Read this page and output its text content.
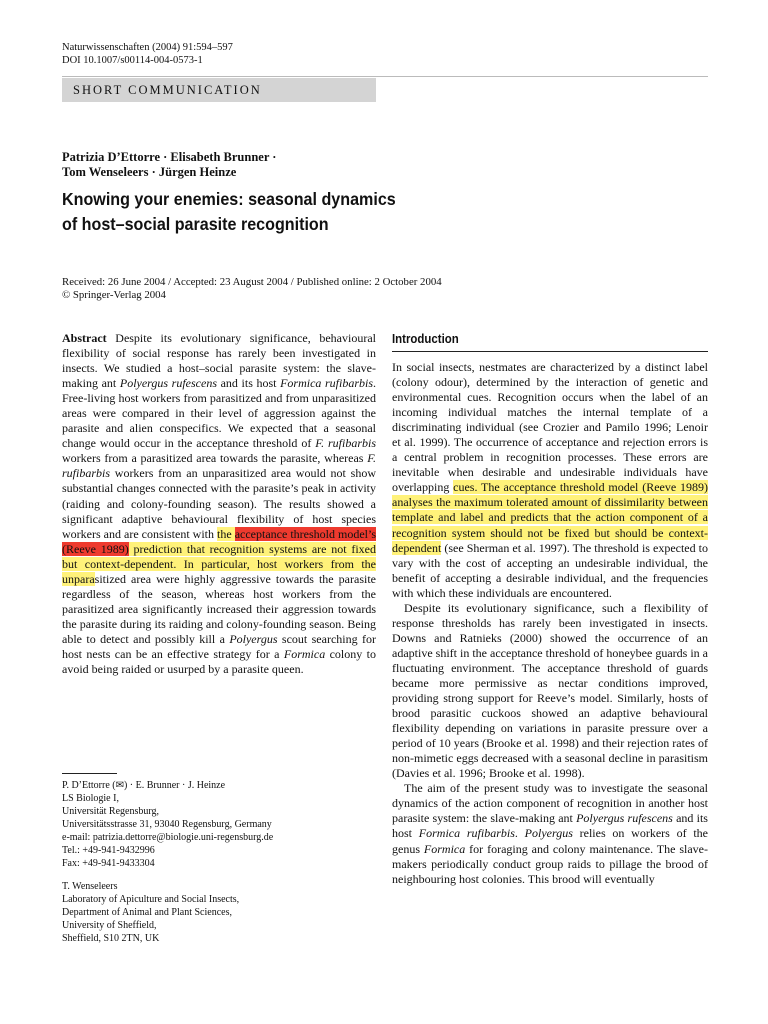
Naturwissenschaften (2004) 91:594–597
DOI 10.1007/s00114-004-0573-1
SHORT COMMUNICATION
Patrizia D’Ettorre · Elisabeth Brunner ·
Tom Wenseleers · Jürgen Heinze
Knowing your enemies: seasonal dynamics
of host–social parasite recognition
Received: 26 June 2004 / Accepted: 23 August 2004 / Published online: 2 October 2004
© Springer-Verlag 2004
Abstract Despite its evolutionary significance, behavioural flexibility of social response has rarely been investigated in insects. We studied a host–social parasite system: the slave-making ant Polyergus rufescens and its host Formica rufibarbis. Free-living host workers from parasitized and from unparasitized areas were compared in their level of aggression against the parasite and alien conspecifics. We expected that a seasonal change would occur in the acceptance threshold of F. rufibarbis workers from a parasitized area towards the parasite, whereas F. rufibarbis workers from an unparasitized area would not show substantial changes connected with the parasite’s peak in activity (raiding and colony-founding season). The results showed a significant adaptive behavioural flexibility of host species workers and are consistent with the acceptance threshold model’s (Reeve 1989) prediction that recognition systems are not fixed but context-dependent. In particular, host workers from the unparasitized area were highly aggressive towards the parasite regardless of the season, whereas host workers from the parasitized area significantly increased their aggression towards the parasite during its raiding and colony-founding season. Being able to detect and possibly kill a Polyergus scout searching for host nests can be an effective strategy for a Formica colony to avoid being raided or usurped by a parasite queen.
P. D’Ettorre (✉) · E. Brunner · J. Heinze
LS Biologie I,
Universität Regensburg,
Universitätsstrasse 31, 93040 Regensburg, Germany
e-mail: patrizia.dettorre@biologie.uni-regensburg.de
Tel.: +49-941-9432996
Fax: +49-941-9433304
T. Wenseleers
Laboratory of Apiculture and Social Insects,
Department of Animal and Plant Sciences,
University of Sheffield,
Sheffield, S10 2TN, UK
Introduction

In social insects, nestmates are characterized by a distinct label (colony odour), determined by the interaction of genetic and environmental cues. Recognition occurs when the label of an incoming individual matches the internal template of a discriminating individual (see Crozier and Pamilo 1996; Lenoir et al. 1999). The occurrence of acceptance and rejection errors is a central problem in recognition processes. These errors are inevitable when desirable and undesirable individuals have overlapping cues. The acceptance threshold model (Reeve 1989) analyses the maximum tolerated amount of dissimilarity between template and label and predicts that the action component of a recognition system should not be fixed but should be context-dependent (see Sherman et al. 1997). The threshold is expected to vary with the cost of accepting an undesirable individual, the benefit of accepting a desirable individual, and the frequencies with which these individuals are encountered.

Despite its evolutionary significance, such a flexibility of response thresholds has rarely been investigated in insects. Downs and Ratnieks (2000) showed the occurrence of an adaptive shift in the acceptance threshold of honeybee guards in a fluctuating environment. The acceptance threshold of guards became more permissive as nectar conditions improved, providing strong support for Reeve’s model. Similarly, hosts of brood parasitic cuckoos showed an adaptive behavioural flexibility depending on variations in parasite pressure over a period of 10 years (Brooke et al. 1998) and their rejection rates of non-mimetic eggs decreased with a seasonal decline in parasitism (Davies et al. 1996; Brooke et al. 1998).

The aim of the present study was to investigate the seasonal dynamics of the action component of recognition in another host parasite system: the slave-making ant Polyergus rufescens and its host Formica rufibarbis. Polyergus relies on workers of the genus Formica for foraging and colony maintenance. The slave-makers periodically conduct group raids to pillage the brood of neighbouring host colonies. This brood will eventually
